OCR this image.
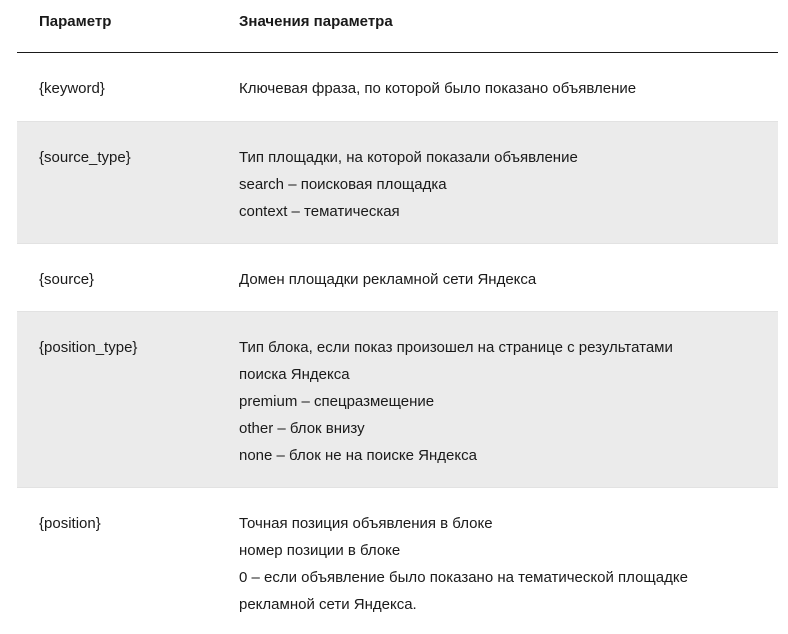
Параметр	Значения параметра
{keyword}	Ключевая фраза, по которой было показано объявление
{source_type}	Тип площадки, на которой показали объявление
search – поисковая площадка
context – тематическая
{source}	Домен площадки рекламной сети Яндекса
{position_type}	Тип блока, если показ произошел на странице с результатами
поиска Яндекса
premium – спецразмещение
other – блок внизу
none – блок не на поиске Яндекса
{position}	Точная позиция объявления в блоке
номер позиции в блоке
0 – если объявление было показано на тематической площадке
рекламной сети Яндекса.
